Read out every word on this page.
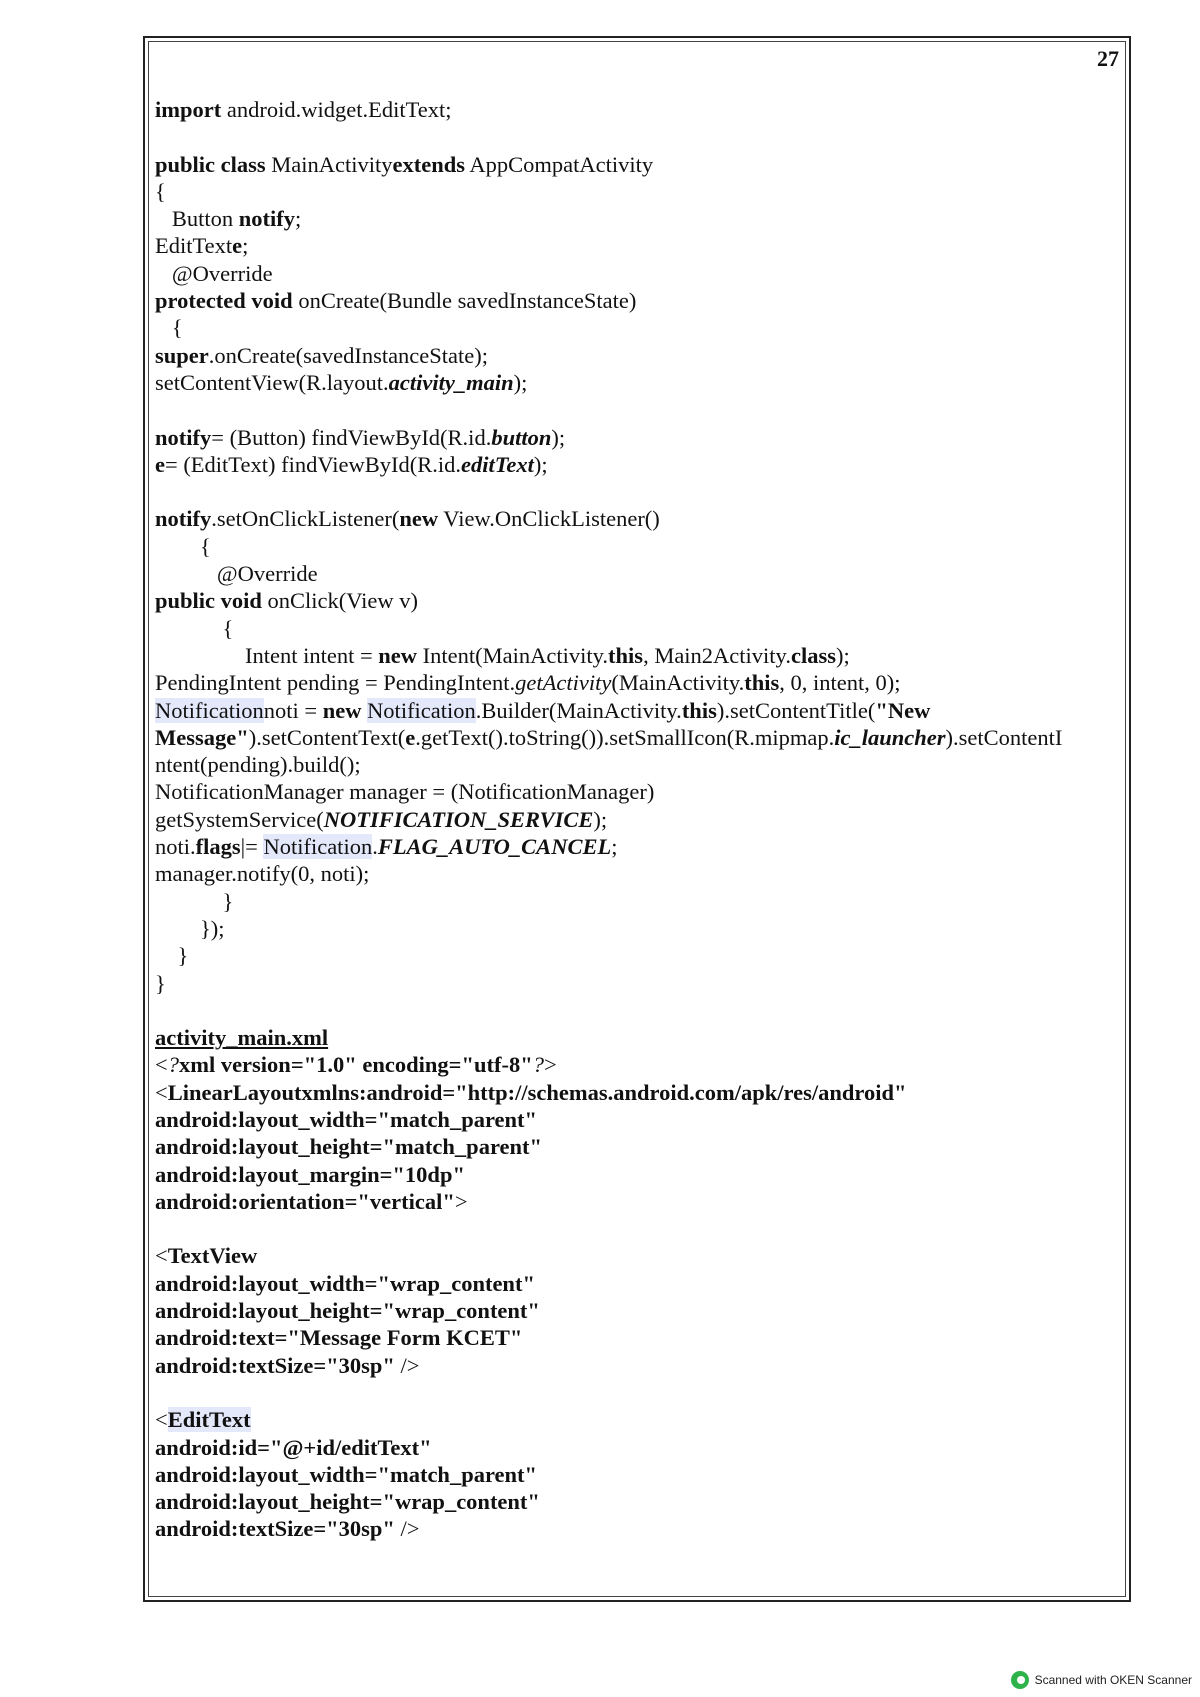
27
import android.widget.EditText;
public class MainActivityextends AppCompatActivity
{
Button notify;
EditTexte;
@Override
protected void onCreate(Bundle savedInstanceState)
{
super.onCreate(savedInstanceState);
setContentView(R.layout.activity_main);
notify= (Button) findViewById(R.id.button);
e= (EditText) findViewById(R.id.editText);
notify.setOnClickListener(new View.OnClickListener()
{
@Override
public void onClick(View v)
{
Intent intent = new Intent(MainActivity.this, Main2Activity.class);
PendingIntent pending = PendingIntent.getActivity(MainActivity.this, 0, intent, 0);
Notificationnoti = new Notification.Builder(MainActivity.this).setContentTitle("New
Message").setContentText(e.getText().toString()).setSmallIcon(R.mipmap.ic_launcher).setContentI
ntent(pending).build();
NotificationManager manager = (NotificationManager)
getSystemService(NOTIFICATION_SERVICE);
noti.flags|= Notification.FLAG_AUTO_CANCEL;
manager.notify(0, noti);
}
});
}
}
activity_main.xml
<?xml version="1.0" encoding="utf-8"?>
<LinearLayoutxmlns:android="http://schemas.android.com/apk/res/android"
android:layout_width="match_parent"
android:layout_height="match_parent"
android:layout_margin="10dp"
android:orientation="vertical">
<TextView
android:layout_width="wrap_content"
android:layout_height="wrap_content"
android:text="Message Form KCET"
android:textSize="30sp" />
<EditText
android:id="@+id/editText"
android:layout_width="match_parent"
android:layout_height="wrap_content"
android:textSize="30sp" />
Scanned with OKEN Scanner
